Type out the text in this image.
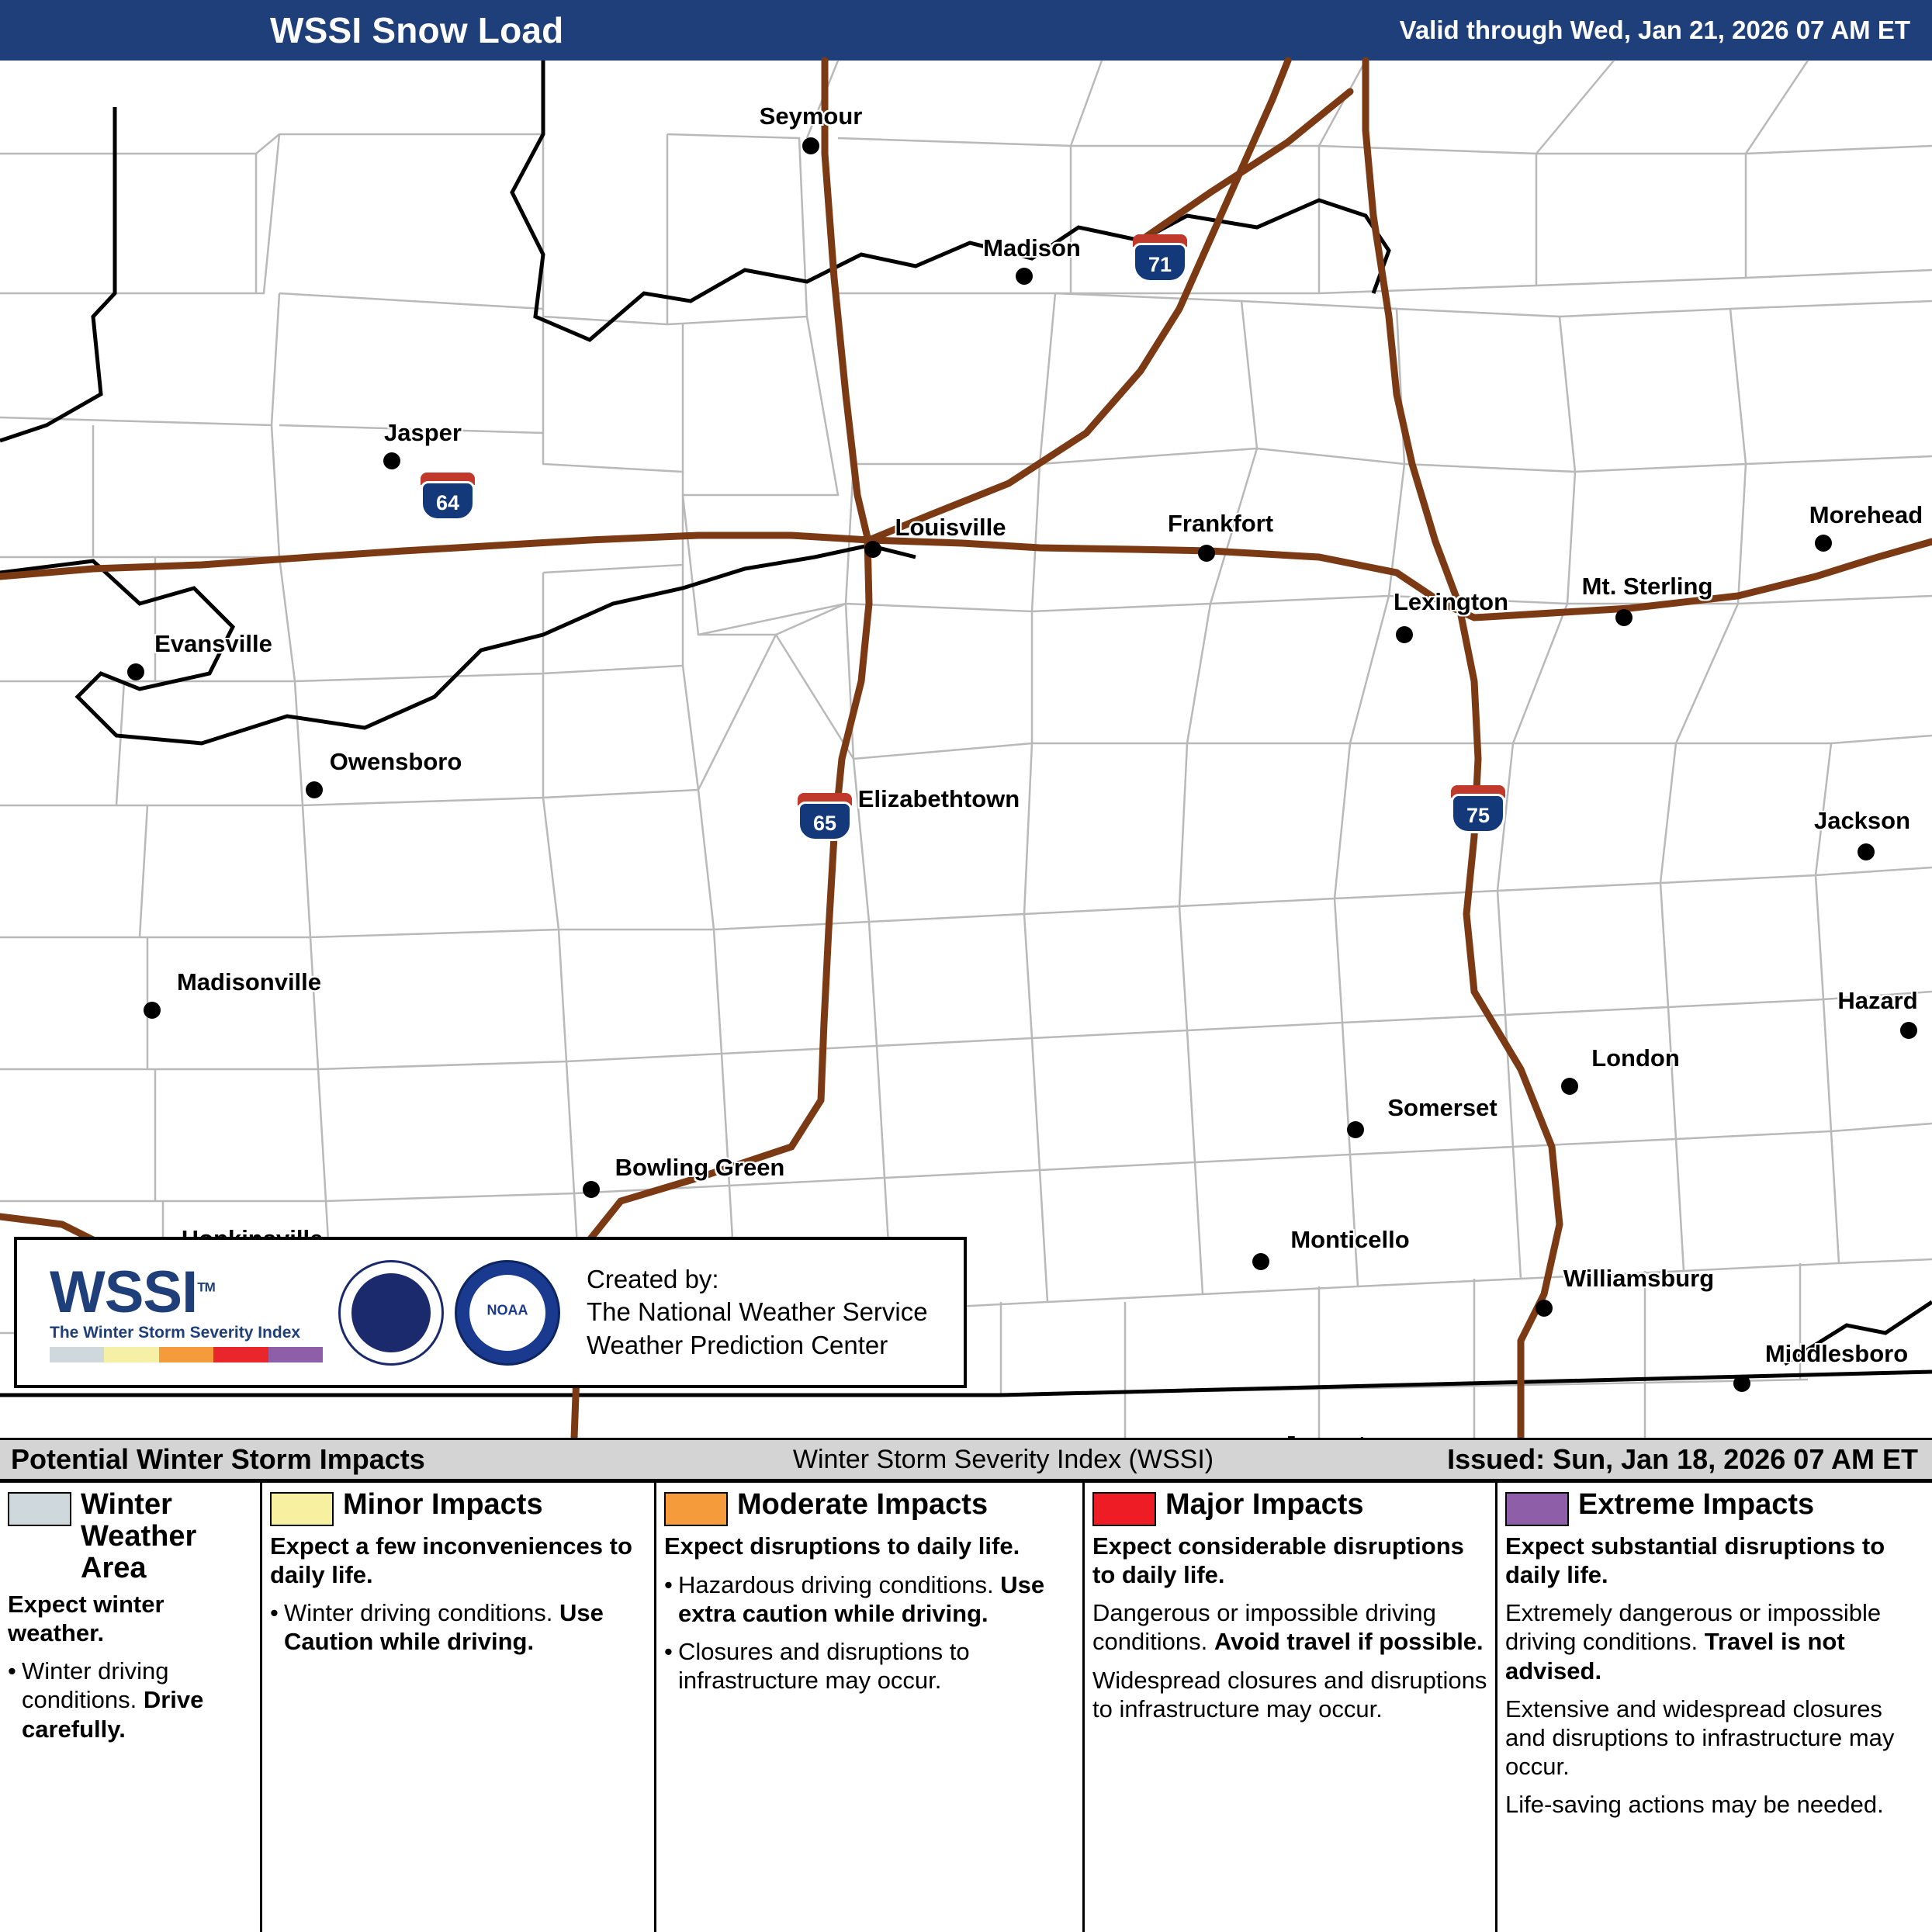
WSSI Snow Load	Valid through Wed, Jan 21, 2026 07 AM ET
Seymour
Madison
Jasper
Louisville	Frankfort	Morehead
Lexington
Mt. Sterling
Evansville
Owensboro
Elizabethtown
Jackson
Madisonville
Hazard
London
Somerset
Bowling Green
Monticello
Williamsburg
Middlesboro
71
64
65	75
WSSI™
The Winter Storm Severity Index
NOAA
Created by:
The National Weather Service
Weather Prediction Center
Potential Winter Storm Impacts	Winter Storm Severity Index (WSSI)	Issued: Sun, Jan 18, 2026 07 AM ET
Winter Weather Area
Expect winter weather.
• Winter driving conditions. Drive carefully.
Minor Impacts
Expect a few inconveniences to daily life.
• Winter driving conditions. Use Caution while driving.
Moderate Impacts
Expect disruptions to daily life.
• Hazardous driving conditions. Use extra caution while driving.
• Closures and disruptions to infrastructure may occur.
Major Impacts
Expect considerable disruptions to daily life.
Dangerous or impossible driving conditions. Avoid travel if possible.
Widespread closures and disruptions to infrastructure may occur.
Extreme Impacts
Expect substantial disruptions to daily life.
Extremely dangerous or impossible driving conditions. Travel is not advised.
Extensive and widespread closures and disruptions to infrastructure may occur.
Life-saving actions may be needed.
